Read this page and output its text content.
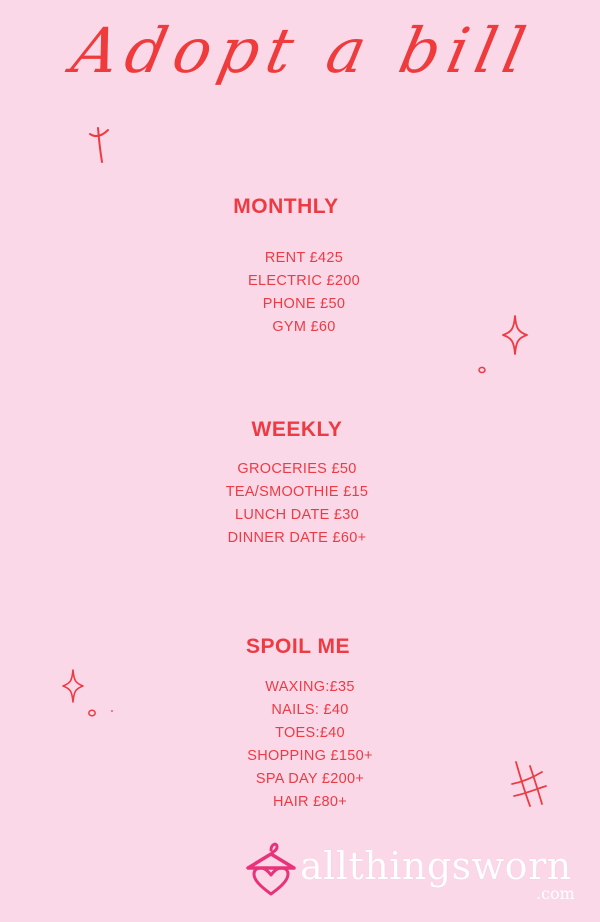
Adopt a bill
MONTHLY
RENT £425
ELECTRIC £200
PHONE £50
GYM £60
WEEKLY
GROCERIES £50
TEA/SMOOTHIE £15
LUNCH DATE £30
DINNER DATE £60+
SPOIL ME
WAXING:£35
NAILS: £40
TOES:£40
SHOPPING £150+
SPA DAY £200+
HAIR £80+
allthingsworn
.com
